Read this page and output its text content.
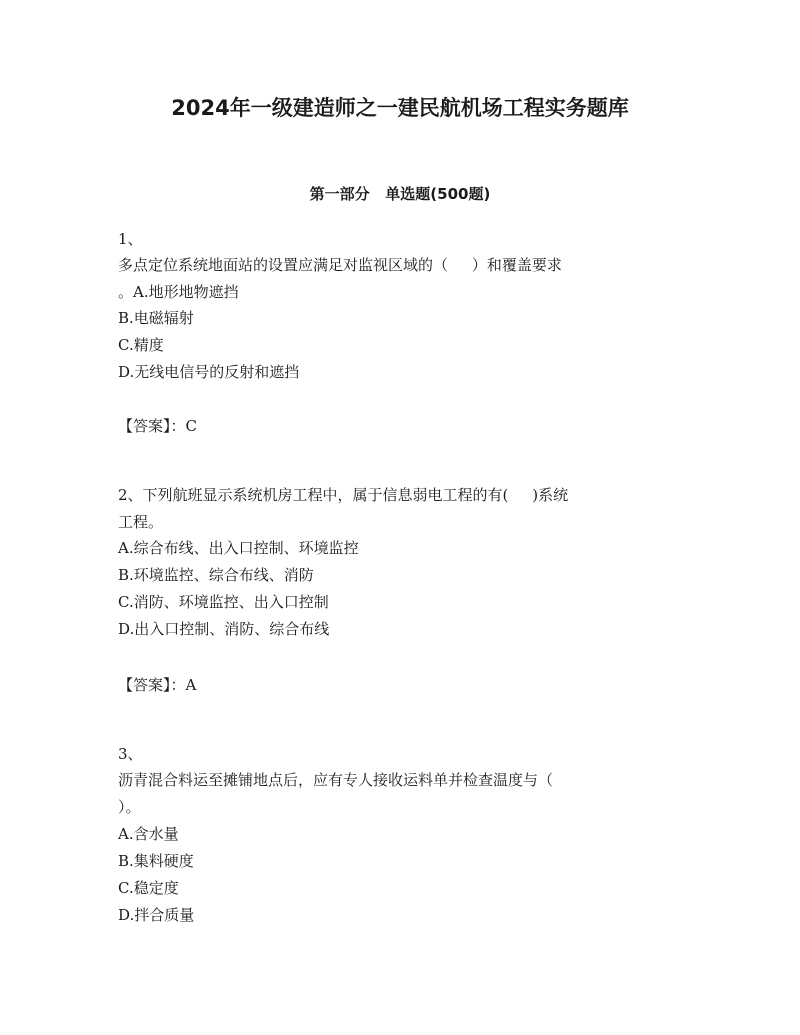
2024年一级建造师之一建民航机场工程实务题库
第一部分   单选题(500题)

1、

多点定位系统地面站的设置应满足对监视区域的（     ）和覆盖要求

。A.地形地物遮挡

B.电磁辐射

C.精度

D.无线电信号的反射和遮挡

【答案】：C

2、下列航班显示系统机房工程中，属于信息弱电工程的有(     )系统

工程。

A.综合布线、出入口控制、环境监控

B.环境监控、综合布线、消防

C.消防、环境监控、出入口控制

D.出入口控制、消防、综合布线

【答案】：A

3、

沥青混合料运至摊铺地点后，应有专人接收运料单并检查温度与（

）。

A.含水量

B.集料硬度

C.稳定度

D.拌合质量
